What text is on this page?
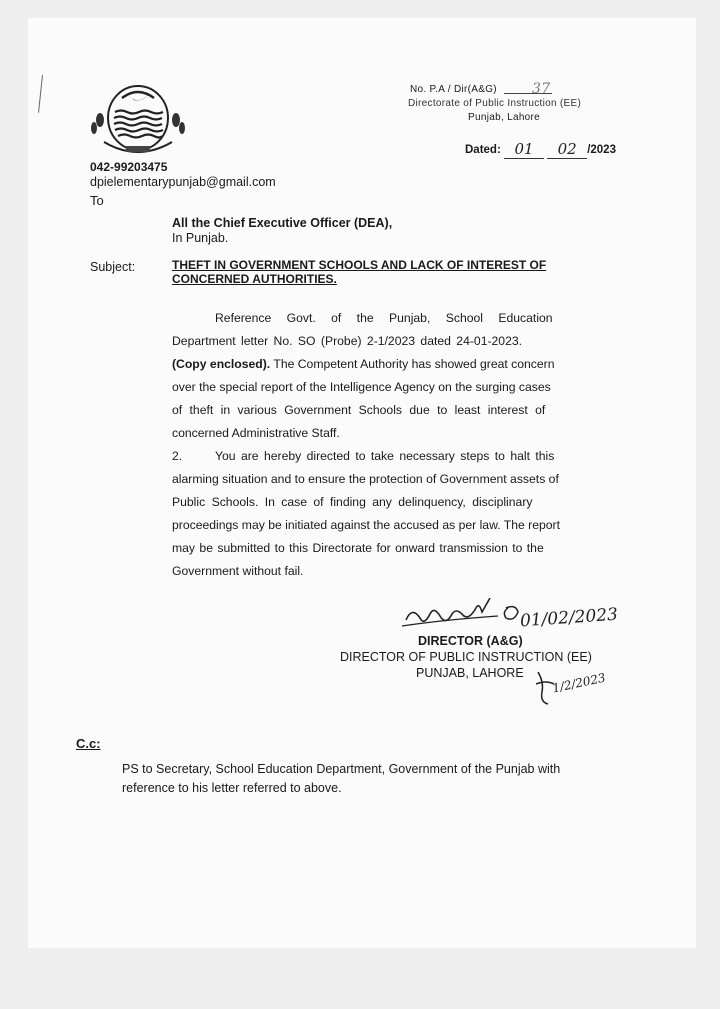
No. P.A / Dir(A&G)	37
Directorate of Public Instruction (EE)
Punjab, Lahore
Dated: 01 02 /2023
042-99203475
dpielementarypunjab@gmail.com
To
All the Chief Executive Officer (DEA),
In Punjab.
Subject:	THEFT IN GOVERNMENT SCHOOLS AND LACK OF INTEREST OF
CONCERNED AUTHORITIES.
Reference Govt. of the Punjab, School Education
Department letter No. SO (Probe) 2-1/2023 dated 24-01-2023.
(Copy enclosed). The Competent Authority has showed great concern
over the special report of the Intelligence Agency on the surging cases
of theft in various Government Schools due to least interest of
concerned Administrative Staff.
2.	You are hereby directed to take necessary steps to halt this
alarming situation and to ensure the protection of Government assets of
Public Schools. In case of finding any delinquency, disciplinary
proceedings may be initiated against the accused as per law. The report
may be submitted to this Directorate for onward transmission to the
Government without fail.
01/02/2023
DIRECTOR (A&G)
DIRECTOR OF PUBLIC INSTRUCTION (EE)
PUNJAB, LAHORE 1/2/2023
C.c:
PS to Secretary, School Education Department, Government of the Punjab with
reference to his letter referred to above.
